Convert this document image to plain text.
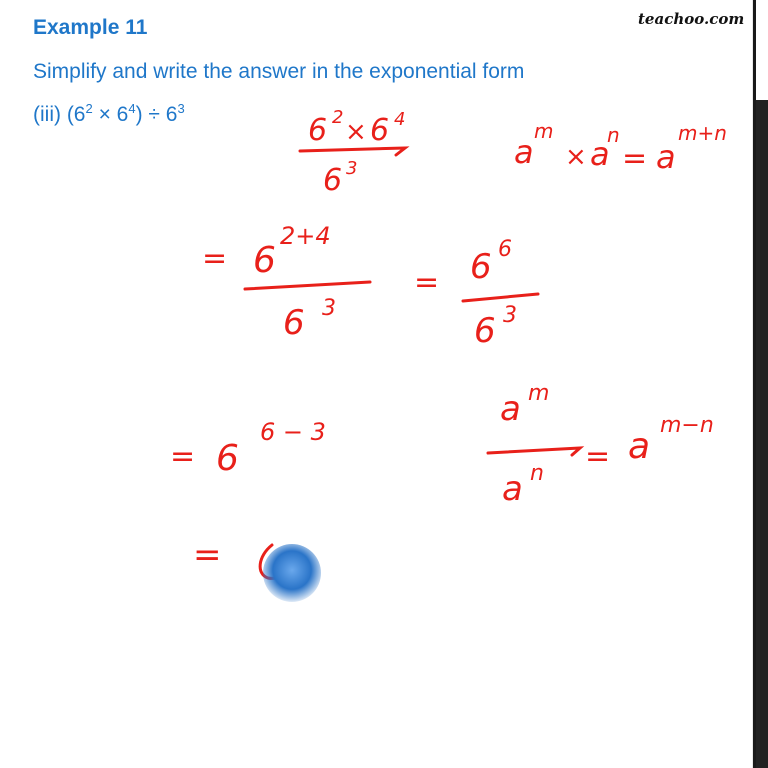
Example 11	teachoo.com
Simplify and write the answer in the exponential form
(iii) $(6^2 \times 6^4) \div 6^3$
6 2 × 6 4
6 3	a
m
× a
n
= a
m+n
= 6
2+4
6 3
= 6 6
6 3
= 6
6 − 3
a m
a n = a
m−n
=
